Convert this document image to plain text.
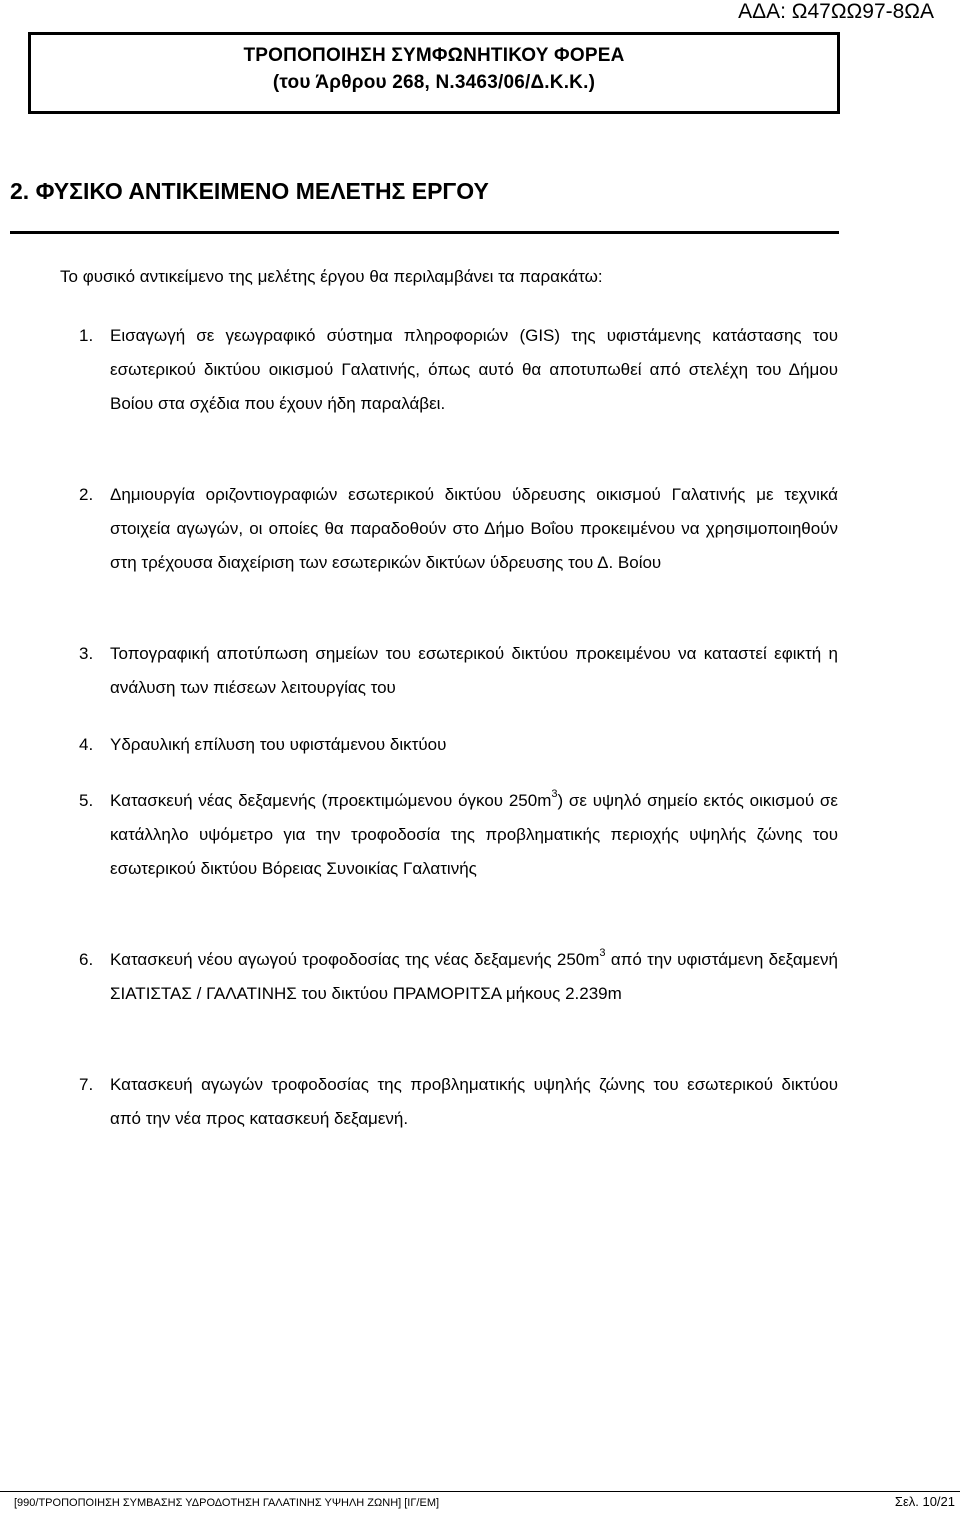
ΑΔΑ: Ω47ΩΩ97-8ΩΑ
ΤΡΟΠΟΠΟΙΗΣΗ ΣΥΜΦΩΝΗΤΙΚΟΥ ΦΟΡΕΑ
(του Άρθρου 268, Ν.3463/06/Δ.Κ.Κ.)
2. ΦΥΣΙΚΟ ΑΝΤΙΚΕΙΜΕΝΟ ΜΕΛΕΤΗΣ ΕΡΓΟΥ
Το φυσικό αντικείμενο της μελέτης έργου θα περιλαμβάνει τα παρακάτω:
1. Εισαγωγή σε γεωγραφικό σύστημα πληροφοριών (GIS) της υφιστάμενης κατάστασης του εσωτερικού δικτύου οικισμού Γαλατινής, όπως αυτό θα αποτυπωθεί από στελέχη του Δήμου Βοίου στα σχέδια που έχουν ήδη παραλάβει.
2. Δημιουργία οριζοντιογραφιών εσωτερικού δικτύου ύδρευσης οικισμού Γαλατινής με τεχνικά στοιχεία αγωγών, οι οποίες θα παραδοθούν στο Δήμο Βοΐου προκειμένου να χρησιμοποιηθούν στη τρέχουσα διαχείριση των εσωτερικών δικτύων ύδρευσης του Δ. Βοίου
3. Τοπογραφική αποτύπωση σημείων του εσωτερικού δικτύου προκειμένου να καταστεί εφικτή η ανάλυση των πιέσεων λειτουργίας του
4. Υδραυλική επίλυση του υφιστάμενου δικτύου
5. Κατασκευή νέας δεξαμενής (προεκτιμώμενου όγκου $250m^3$) σε υψηλό σημείο εκτός οικισμού σε κατάλληλο υψόμετρο για την τροφοδοσία της προβληματικής περιοχής υψηλής ζώνης του εσωτερικού δικτύου Βόρειας Συνοικίας Γαλατινής
6. Κατασκευή νέου αγωγού τροφοδοσίας της νέας δεξαμενής $250m^3$ από την υφιστάμενη δεξαμενή ΣΙΑΤΙΣΤΑΣ / ΓΑΛΑΤΙΝΗΣ του δικτύου ΠΡΑΜΟΡΙΤΣΑ μήκους 2.239m
7. Κατασκευή αγωγών τροφοδοσίας της προβληματικής υψηλής ζώνης του εσωτερικού δικτύου από την νέα προς κατασκευή δεξαμενή.
[990/ΤΡΟΠΟΠΟΙΗΣΗ ΣΥΜΒΑΣΗΣ ΥΔΡΟΔΟΤΗΣΗ ΓΑΛΑΤΙΝΗΣ ΥΨΗΛΗ ΖΩΝΗ] [ΙΓ/ΕΜ]	Σελ. 10/21
